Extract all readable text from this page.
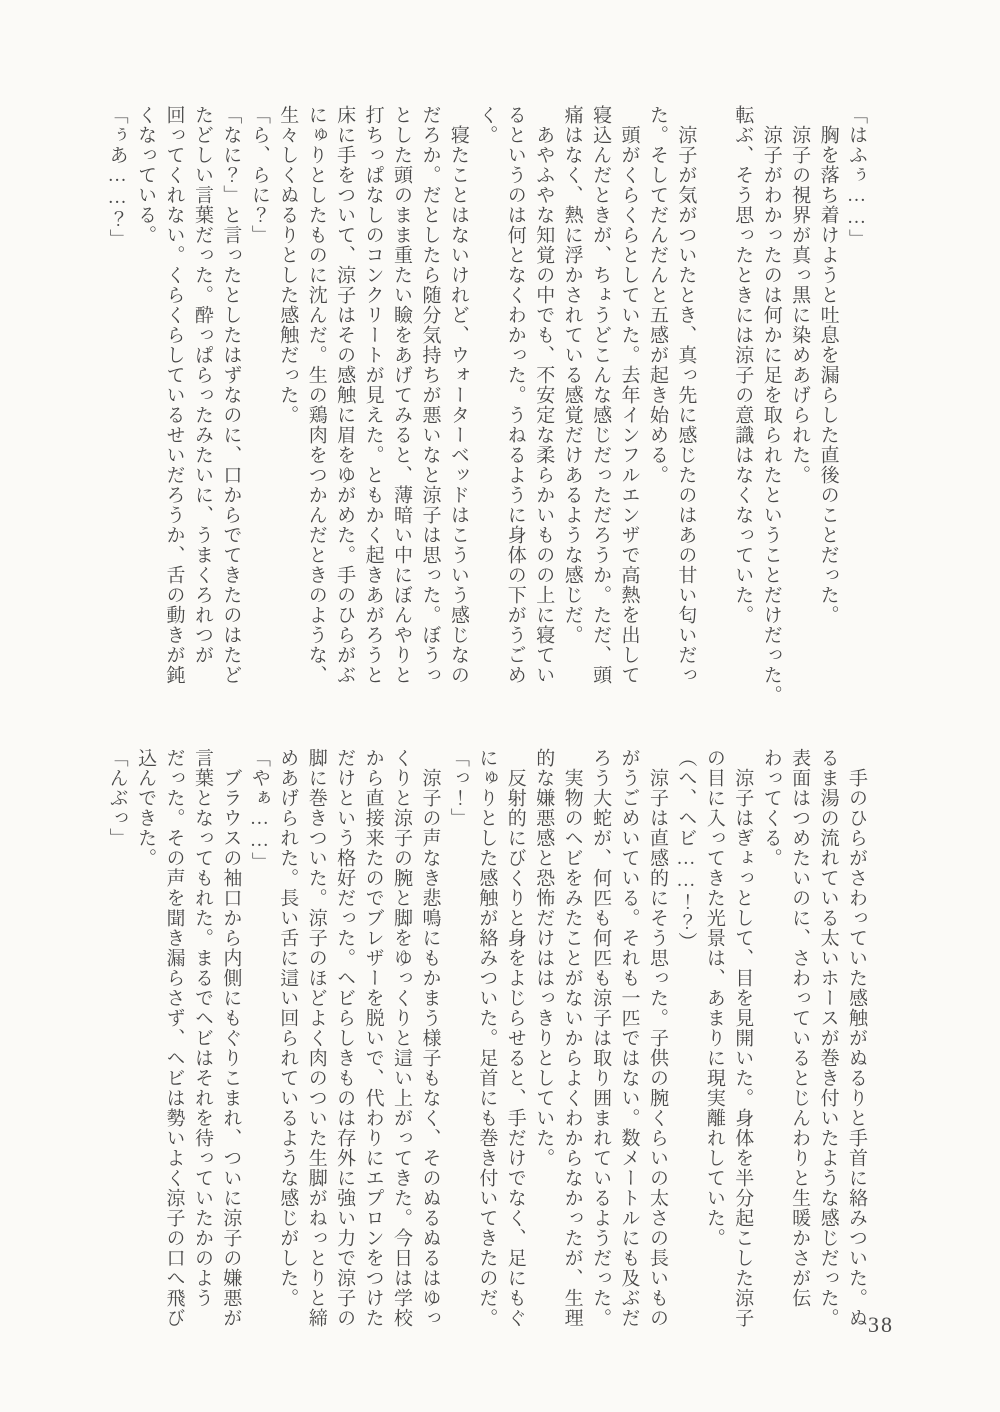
「はふぅ……」
　胸を落ち着けようと吐息を漏らした直後のことだった。
　涼子の視界が真っ黒に染めあげられた。
　涼子がわかったのは何かに足を取られたということだけだった。
転ぶ、そう思ったときには涼子の意識はなくなっていた。
　涼子が気がついたとき、真っ先に感じたのはあの甘い匂いだっ
た。そしてだんだんと五感が起き始める。
　頭がくらくらとしていた。去年インフルエンザで高熱を出して
寝込んだときが、ちょうどこんな感じだっただろうか。ただ、頭
痛はなく、熱に浮かされている感覚だけあるような感じだ。
　あやふやな知覚の中でも、不安定な柔らかいものの上に寝てい
るというのは何となくわかった。うねるように身体の下がうごめ
く。
　寝たことはないけれど、ウォーターベッドはこういう感じなの
だろか。だとしたら随分気持ちが悪いなと涼子は思った。ぼうっ
とした頭のまま重たい瞼をあげてみると、薄暗い中にぼんやりと
打ちっぱなしのコンクリートが見えた。ともかく起きあがろうと
床に手をついて、涼子はその感触に眉をゆがめた。手のひらがぶ
にゅりとしたものに沈んだ。生の鶏肉をつかんだときのような、
生々しくぬるりとした感触だった。
「ら、らに？」
「なに？」と言ったとしたはずなのに、口からでてきたのはたど
たどしい言葉だった。酔っぱらったみたいに、うまくろれつが
回ってくれない。くらくらしているせいだろうか、舌の動きが鈍
くなっている。
「ぅあ……？」
　手のひらがさわっていた感触がぬるりと手首に絡みついた。ぬ
るま湯の流れている太いホースが巻き付いたような感じだった。
表面はつめたいのに、さわっているとじんわりと生暖かさが伝
わってくる。
　涼子はぎょっとして、目を見開いた。身体を半分起こした涼子
の目に入ってきた光景は、あまりに現実離れしていた。
（へ、ヘビ……！？）
　涼子は直感的にそう思った。子供の腕くらいの太さの長いもの
がうごめいている。それも一匹ではない。数メートルにも及ぶだ
ろう大蛇が、何匹も何匹も涼子は取り囲まれているようだった。
　実物のヘビをみたことがないからよくわからなかったが、生理
的な嫌悪感と恐怖だけははっきりとしていた。
　反射的にびくりと身をよじらせると、手だけでなく、足にもぐ
にゅりとした感触が絡みついた。足首にも巻き付いてきたのだ。
「っ！」
　涼子の声なき悲鳴にもかまう様子もなく、そのぬるぬるはゆっ
くりと涼子の腕と脚をゆっくりと這い上がってきた。今日は学校
から直接来たのでブレザーを脱いで、代わりにエプロンをつけた
だけという格好だった。ヘビらしきものは存外に強い力で涼子の
脚に巻きついた。涼子のほどよく肉のついた生脚がねっとりと締
めあげられた。長い舌に這い回られているような感じがした。
「やぁ……」
　ブラウスの袖口から内側にもぐりこまれ、ついに涼子の嫌悪が
言葉となってもれた。まるでヘビはそれを待っていたかのよう
だった。その声を聞き漏らさず、ヘビは勢いよく涼子の口へ飛び
込んできた。
「んぶっ」
38
